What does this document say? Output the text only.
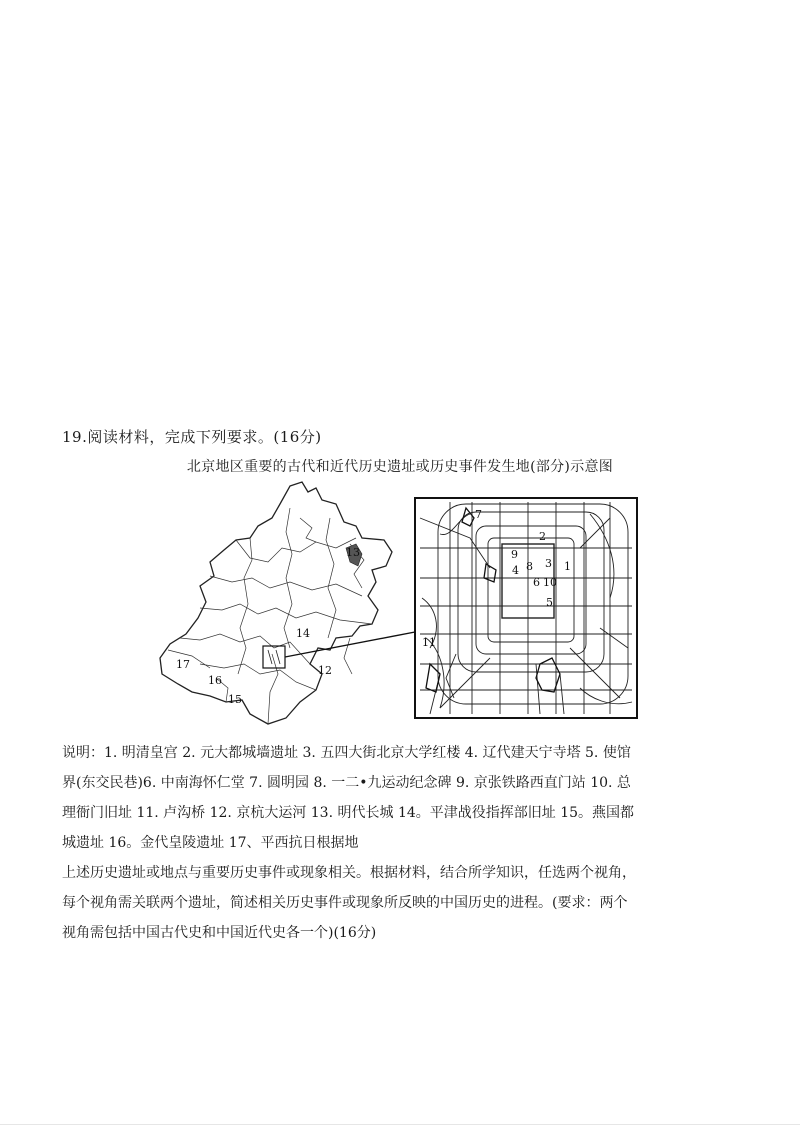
19.阅读材料，完成下列要求。(16分)
北京地区重要的古代和近代历史遗址或历史事件发生地(部分)示意图
14
17
16
15
13
12
7
2
9
3
8
4
6 10
1
5
11
说明：1. 明清皇宫 2. 元大都城墙遗址 3. 五四大街北京大学红楼 4. 辽代建天宁寺塔 5. 使馆
界(东交民巷)6. 中南海怀仁堂 7. 圆明园 8. 一二•九运动纪念碑 9. 京张铁路西直门站 10. 总
理衙门旧址 11. 卢沟桥 12. 京杭大运河 13. 明代长城 14。平津战役指挥部旧址 15。燕国都
城遗址 16。金代皇陵遗址 17、平西抗日根据地
上述历史遗址或地点与重要历史事件或现象相关。根据材料，结合所学知识，任选两个视角，
每个视角需关联两个遗址，简述相关历史事件或现象所反映的中国历史的进程。(要求：两个
视角需包括中国古代史和中国近代史各一个)(16分)
